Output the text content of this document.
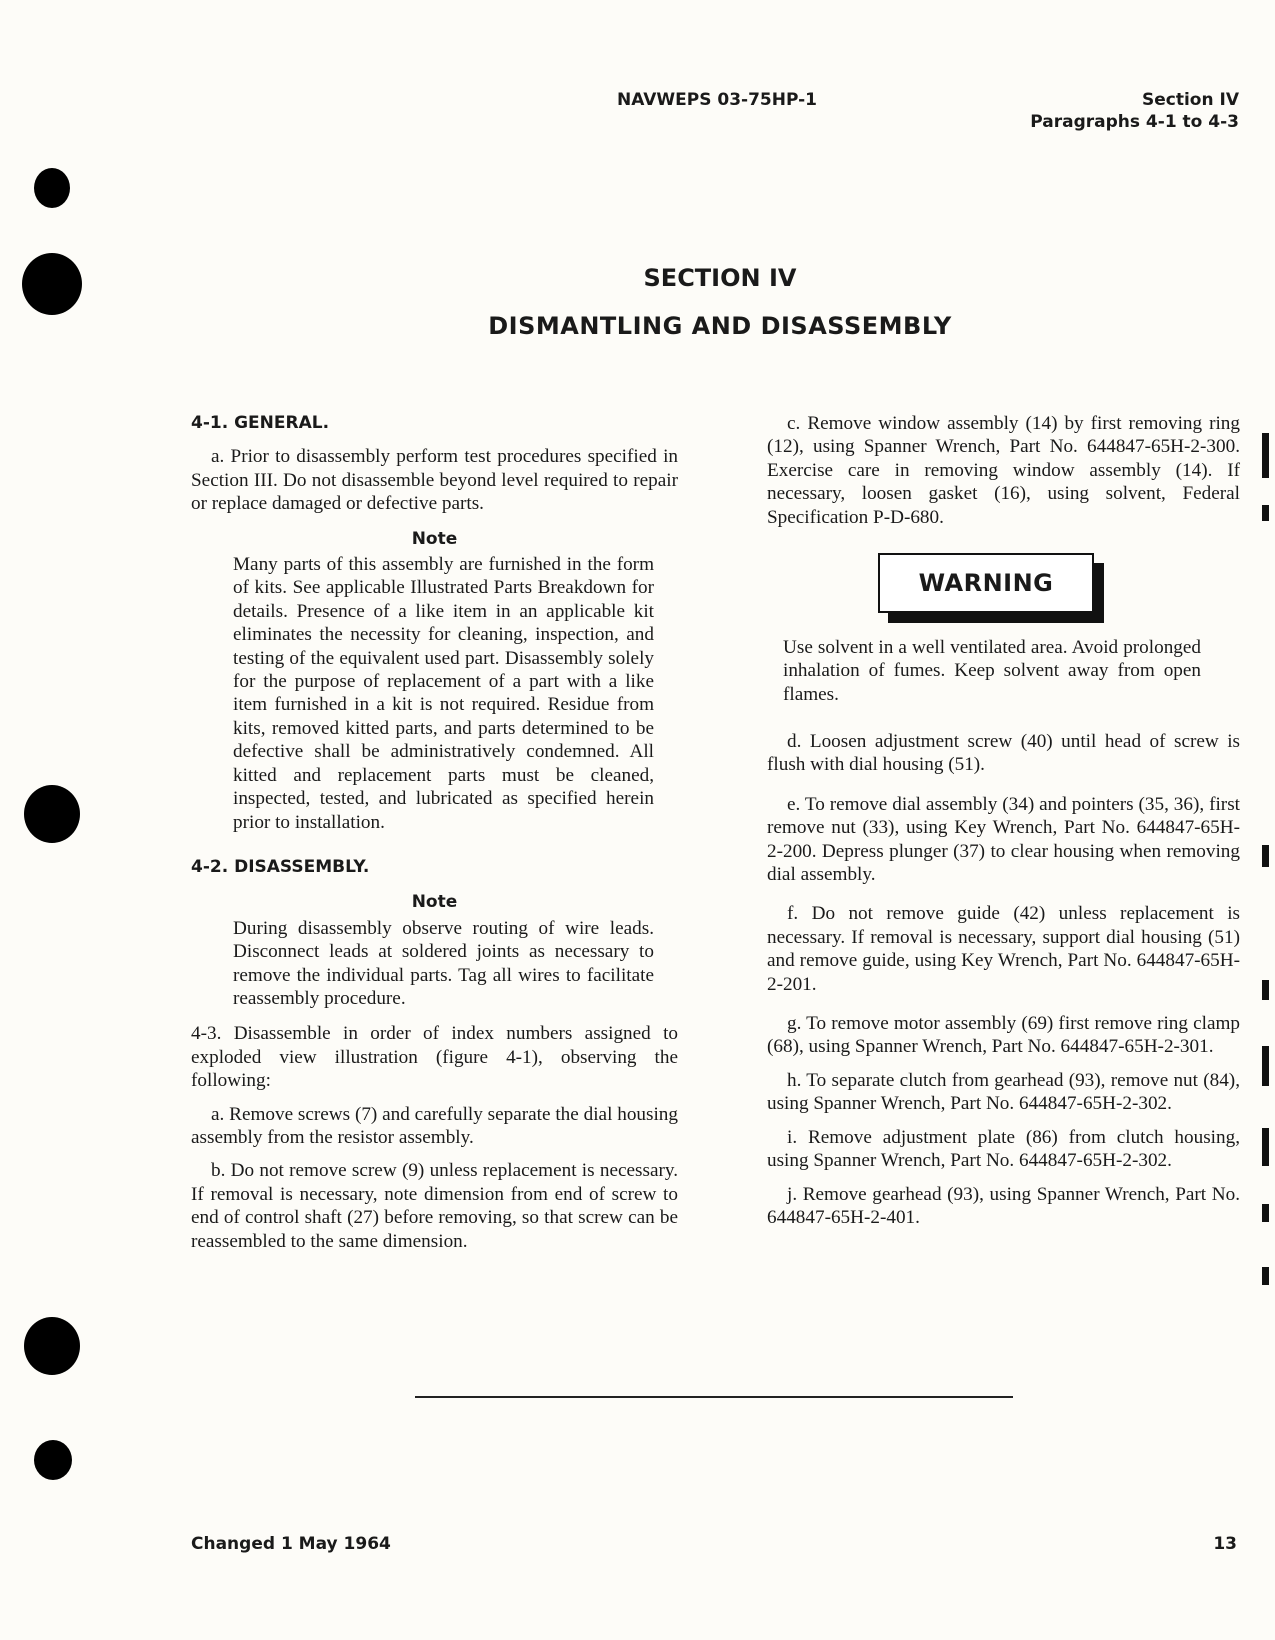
NAVWEPS 03-75HP-1	Section IV
Paragraphs 4-1 to 4-3
SECTION IV
DISMANTLING AND DISASSEMBLY
4-1. GENERAL.

a. Prior to disassembly perform test procedures specified in Section III. Do not disassemble beyond level required to repair or replace damaged or defective parts.

Note
Many parts of this assembly are furnished in the form of kits. See applicable Illustrated Parts Breakdown for details. Presence of a like item in an applicable kit eliminates the necessity for cleaning, inspection, and testing of the equivalent used part. Disassembly solely for the purpose of replacement of a part with a like item furnished in a kit is not required. Residue from kits, removed kitted parts, and parts determined to be defective shall be administratively condemned. All kitted and replacement parts must be cleaned, inspected, tested, and lubricated as specified herein prior to installation.
4-2. DISASSEMBLY.
Note
During disassembly observe routing of wire leads. Disconnect leads at soldered joints as necessary to remove the individual parts. Tag all wires to facilitate reassembly procedure.

4-3. Disassemble in order of index numbers assigned to exploded view illustration (figure 4-1), observing the following:

a. Remove screws (7) and carefully separate the dial housing assembly from the resistor assembly.

b. Do not remove screw (9) unless replacement is necessary. If removal is necessary, note dimension from end of screw to end of control shaft (27) before removing, so that screw can be reassembled to the same dimension.

c. Remove window assembly (14) by first removing ring (12), using Spanner Wrench, Part No. 644847-65H-2-300. Exercise care in removing window assembly (14). If necessary, loosen gasket (16), using solvent, Federal Specification P-D-680.

WARNING
Use solvent in a well ventilated area. Avoid prolonged inhalation of fumes. Keep solvent away from open flames.

d. Loosen adjustment screw (40) until head of screw is flush with dial housing (51).

e. To remove dial assembly (34) and pointers (35, 36), first remove nut (33), using Key Wrench, Part No. 644847-65H-2-200. Depress plunger (37) to clear housing when removing dial assembly.

f. Do not remove guide (42) unless replacement is necessary. If removal is necessary, support dial housing (51) and remove guide, using Key Wrench, Part No. 644847-65H-2-201.

g. To remove motor assembly (69) first remove ring clamp (68), using Spanner Wrench, Part No. 644847-65H-2-301.

h. To separate clutch from gearhead (93), remove nut (84), using Spanner Wrench, Part No. 644847-65H-2-302.

i. Remove adjustment plate (86) from clutch housing, using Spanner Wrench, Part No. 644847-65H-2-302.

j. Remove gearhead (93), using Spanner Wrench, Part No. 644847-65H-2-401.

Changed 1 May 1964	13
